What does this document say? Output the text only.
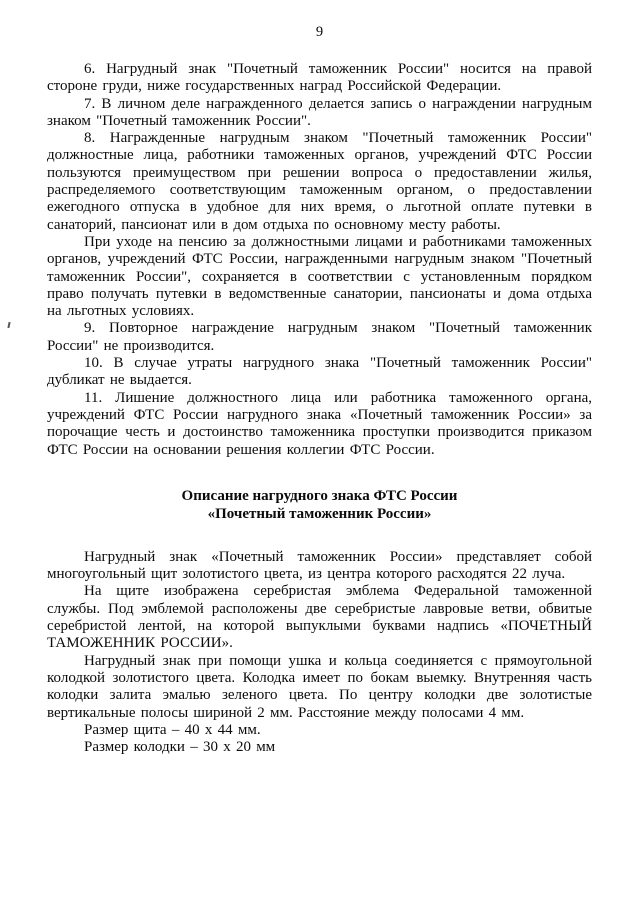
9

6. Нагрудный знак "Почетный таможенник России" носится на правой стороне груди, ниже государственных наград Российской Федерации.

7. В личном деле награжденного делается запись о награждении нагрудным знаком "Почетный таможенник России".

8. Награжденные нагрудным знаком "Почетный таможенник России" должностные лица, работники таможенных органов, учреждений ФТС России пользуются преимуществом при решении вопроса о предоставлении жилья, распределяемого соответствующим таможенным органом, о предоставлении ежегодного отпуска в удобное для них время, о льготной оплате путевки в санаторий, пансионат или в дом отдыха по основному месту работы.

При уходе на пенсию за должностными лицами и работниками таможенных органов, учреждений ФТС России, награжденными нагрудным знаком "Почетный таможенник России", сохраняется в соответствии с установленным порядком право получать путевки в ведомственные санатории, пансионаты и дома отдыха на льготных условиях.

9. Повторное награждение нагрудным знаком "Почетный таможенник России" не производится.

10. В случае утраты нагрудного знака "Почетный таможенник России" дубликат не выдается.

11. Лишение должностного лица или работника таможенного органа, учреждений ФТС России нагрудного знака «Почетный таможенник России» за порочащие честь и достоинство таможенника проступки производится приказом ФТС России на основании решения коллегии ФТС России.

Описание нагрудного знака ФТС России
«Почетный таможенник России»

Нагрудный знак «Почетный таможенник России» представляет собой многоугольный щит золотистого цвета, из центра которого расходятся 22 луча.

На щите изображена серебристая эмблема Федеральной таможенной службы. Под эмблемой расположены две серебристые лавровые ветви, обвитые серебристой лентой, на которой выпуклыми буквами надпись «ПОЧЕТНЫЙ ТАМОЖЕННИК РОССИИ».

Нагрудный знак при помощи ушка и кольца соединяется с прямоугольной колодкой золотистого цвета. Колодка имеет по бокам выемку. Внутренняя часть колодки залита эмалью зеленого цвета. По центру колодки две золотистые вертикальные полосы шириной 2 мм. Расстояние между полосами 4 мм.

Размер щита – 40 х 44 мм.

Размер колодки – 30 х 20 мм
